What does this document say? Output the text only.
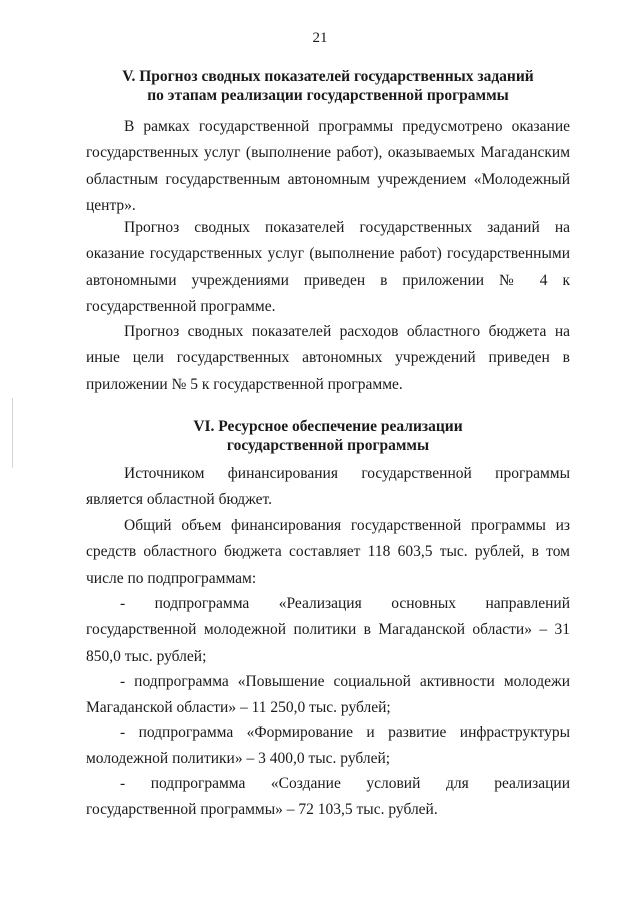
21
V. Прогноз сводных показателей государственных заданий
по этапам реализации государственной программы

В рамках государственной программы предусмотрено оказание государственных услуг (выполнение работ), оказываемых Магаданским областным государственным автономным учреждением «Молодежный центр».

Прогноз сводных показателей государственных заданий на оказание государственных услуг (выполнение работ) государственными автономными учреждениями приведен в приложении № 4 к государственной программе.

Прогноз сводных показателей расходов областного бюджета на иные цели государственных автономных учреждений приведен в приложении № 5 к государственной программе.

VI. Ресурсное обеспечение реализации
государственной программы

Источником финансирования государственной программы является областной бюджет.

Общий объем финансирования государственной программы из средств областного бюджета составляет 118 603,5 тыс. рублей, в том числе по подпрограммам:

- подпрограмма «Реализация основных направлений государственной молодежной политики в Магаданской области» – 31 850,0 тыс. рублей;

- подпрограмма «Повышение социальной активности молодежи Магаданской области» – 11 250,0 тыс. рублей;

- подпрограмма «Формирование и развитие инфраструктуры молодежной политики» – 3 400,0 тыс. рублей;

- подпрограмма «Создание условий для реализации государственной программы» – 72 103,5 тыс. рублей.
